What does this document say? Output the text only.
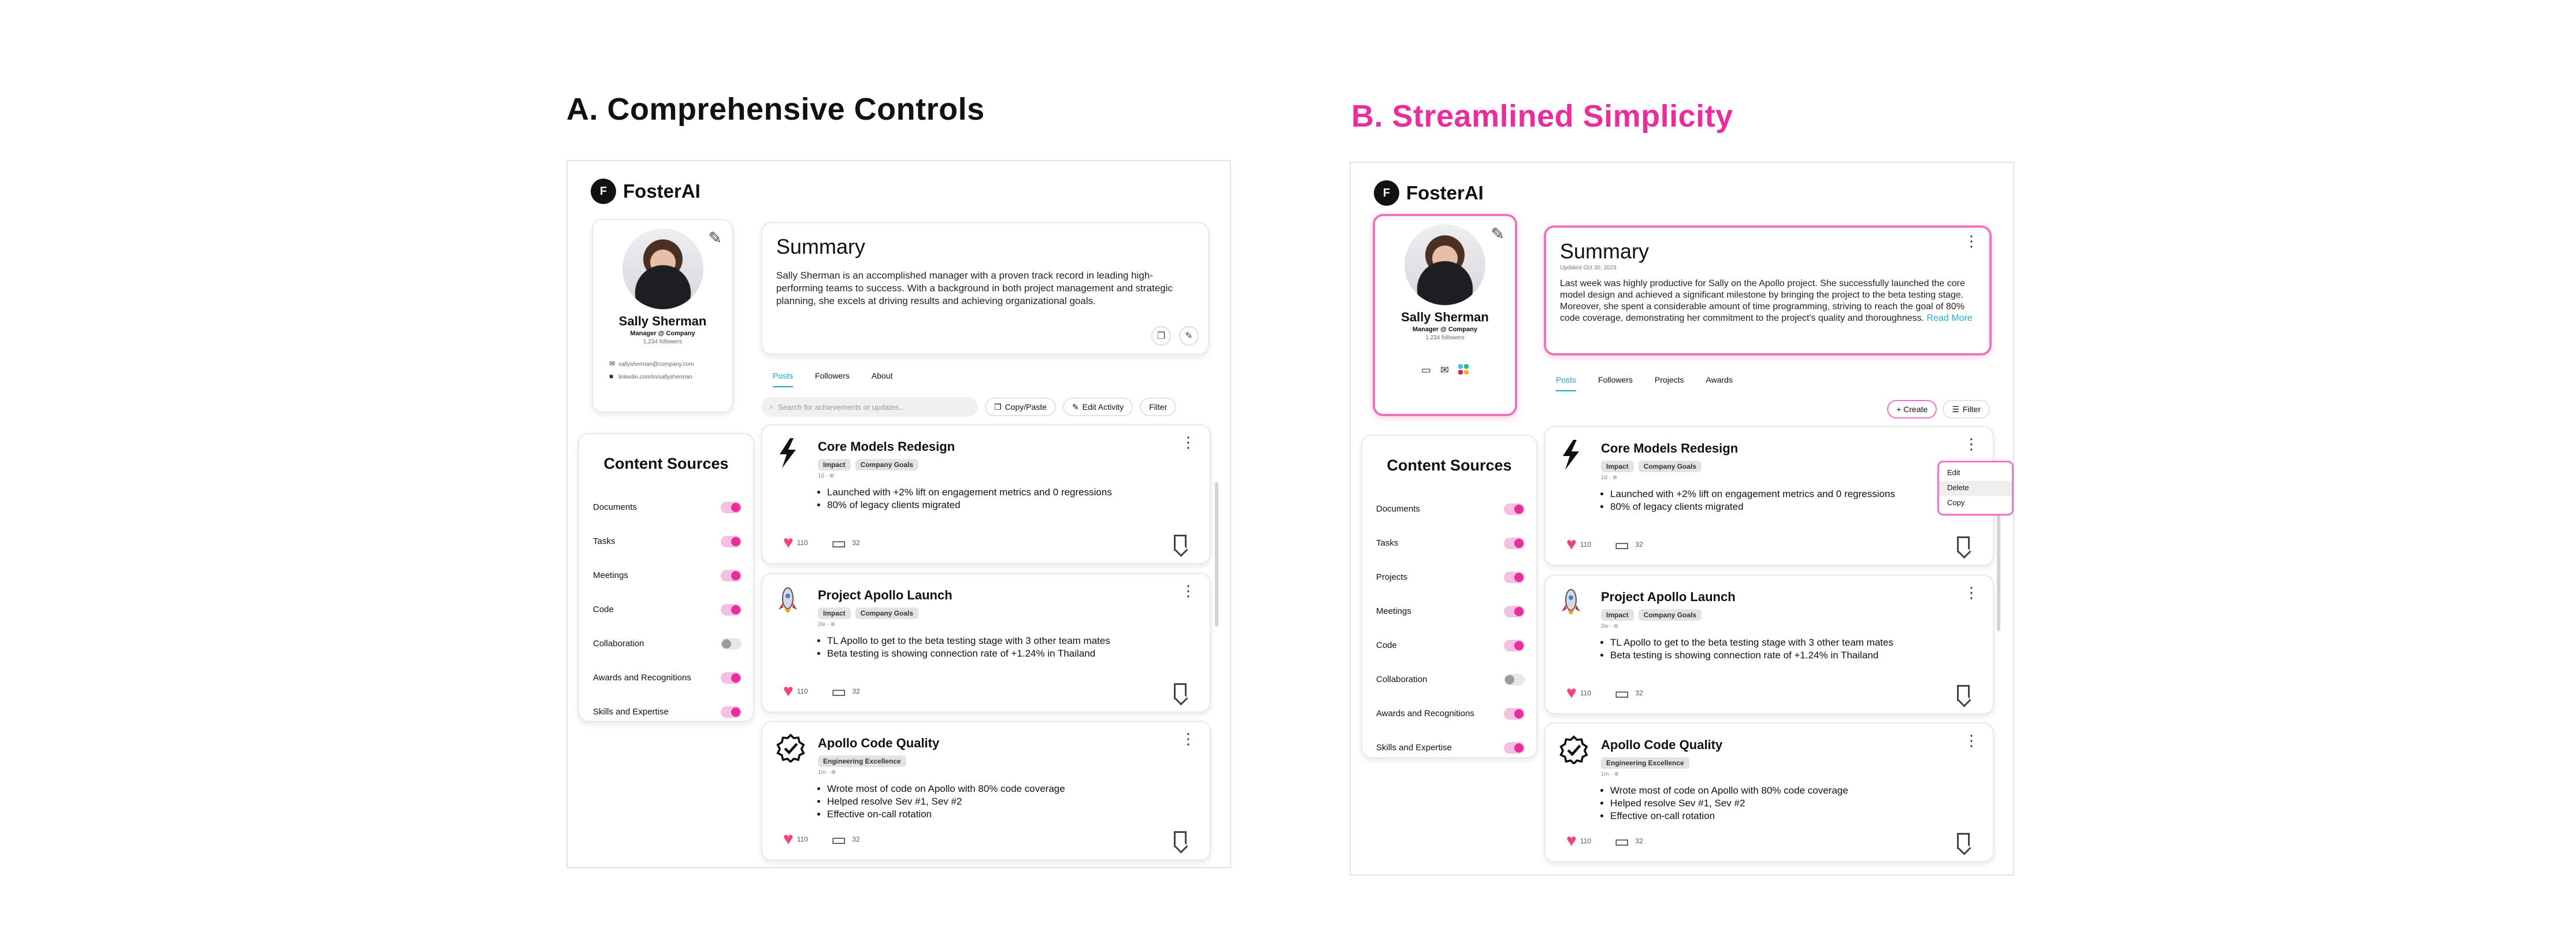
A. Comprehensive Controls	B. Streamlined Simplicity
F FosterAI
✎
Sally Sherman
Manager @ Company
1,234 followers
✉ sallysherman@company.com
■ linkedin.com/in/sallysherman
Content Sources
Documents
Tasks
Meetings
Code
Collaboration
Awards and Recognitions
Skills and Expertise
Summary
Sally Sherman is an accomplished manager with a proven track record in leading high-performing teams to success. With a background in both project management and strategic planning, she excels at driving results and achieving organizational goals.
❐	✎
Posts	Followers	About
⌕ Search for achievements or updates...	❐ Copy/Paste	✎ Edit Activity	Filter
⋮
Core Models Redesign
Impact	Company Goals
1d · ⊕
• Launched with +2% lift on engagement metrics and 0 regressions
• 80% of legacy clients migrated
♥ 110 ▭ 32
⋮
Project Apollo Launch
Impact	Company Goals
2w · ⊕
• TL Apollo to get to the beta testing stage with 3 other team mates
• Beta testing is showing connection rate of +1.24% in Thailand
♥ 110 ▭ 32
⋮
Apollo Code Quality
Engineering Excellence
1m · ⊕
• Wrote most of code on Apollo with 80% code coverage
• Helped resolve Sev #1, Sev #2
• Effective on-call rotation
♥ 110 ▭ 32
F FosterAI
✎
Sally Sherman
Manager @ Company
1,234 followers
▭ ✉
Content Sources
Documents
Tasks
Projects
Meetings
Code
Collaboration
Awards and Recognitions
Skills and Expertise
⋮
Summary
Updated Oct 30, 2023
Last week was highly productive for Sally on the Apollo project. She successfully launched the core model design and achieved a significant milestone by bringing the project to the beta testing stage. Moreover, she spent a considerable amount of time programming, striving to reach the goal of 80% code coverage, demonstrating her commitment to the project's quality and thoroughness. Read More
Posts	Followers	Projects	Awards
+ Create	☰ Filter
⋮
Core Models Redesign
Impact	Company Goals
1d · ⊕
• Launched with +2% lift on engagement metrics and 0 regressions
• 80% of legacy clients migrated
♥ 110 ▭ 32
⋮
Project Apollo Launch
Impact	Company Goals
2w · ⊕
• TL Apollo to get to the beta testing stage with 3 other team mates
• Beta testing is showing connection rate of +1.24% in Thailand
♥ 110 ▭ 32
⋮
Apollo Code Quality
Engineering Excellence
1m · ⊕
• Wrote most of code on Apollo with 80% code coverage
• Helped resolve Sev #1, Sev #2
• Effective on-call rotation
♥ 110 ▭ 32
Edit
Delete
Copy
